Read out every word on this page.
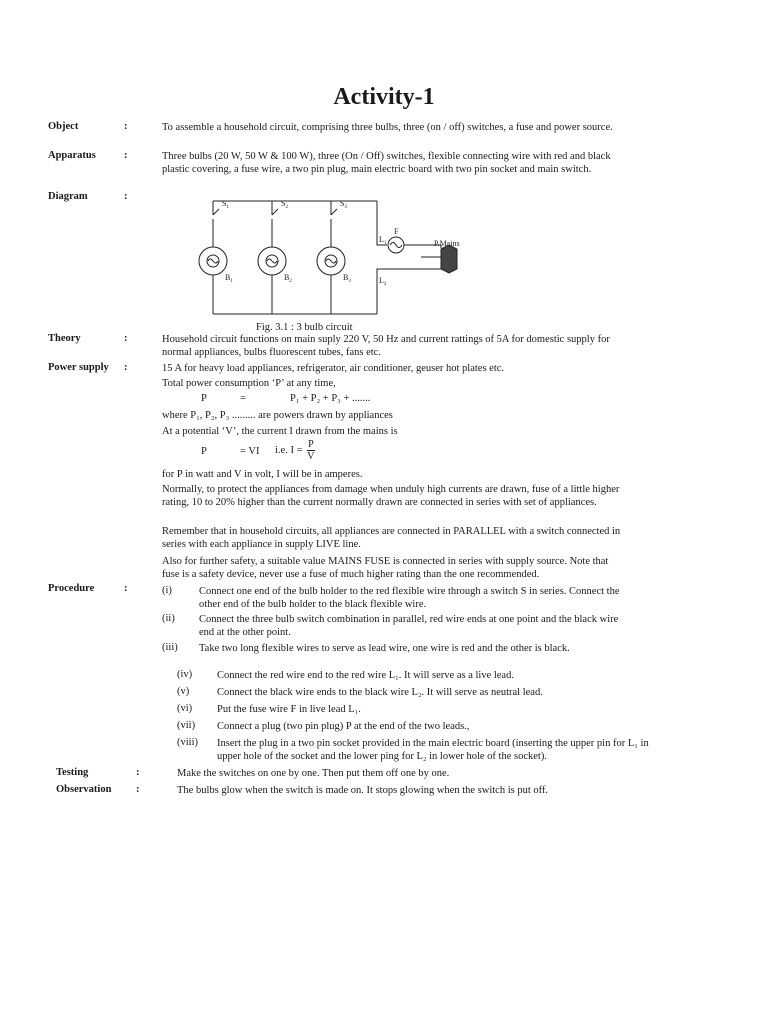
Activity-1
Object	:	To assemble a household circuit, comprising three bulbs, three (on / off) switches, a fuse and power source.
Apparatus	:	Three bulbs (20 W, 50 W & 100 W), three (On / Off) switches, flexible connecting wire with red and black plastic covering, a fuse wire, a two pin plug, main electric board with two pin socket and main switch.
Diagram	:
$S_1$	$S_2$	$S_3$
$B_1$	$B_2$	$B_3$
$L_1$
$L_2$
F
P.Mains
Fig. 3.1 : 3 bulb circuit
Theory	:	Household circuit functions on main suply 220 V, 50 Hz and current rattings of 5A for domestic supply for normal appliances, bulbs fluorescent tubes, fans etc.
Power supply :	15 A for heavy load appliances, refrigerator, air conditioner, geuser hot plates etc.
Total power consumption ‘P’ at any time,
P	=	P₁ + P₂ + P₃ + .......
where P₁, P₂, P₃ ......... are powers drawn by appliances
At a potential ‘V’, the current I drawn from the mains is
P	= VI i.e. $I = \frac{P}{V}$
for P in watt and V in volt, I will be in amperes.
Normally, to protect the appliances from damage when unduly high currents are drawn, fuse of a little higher rating, 10 to 20% higher than the current normally drawn are connected in series with set of appliances.
Remember that in household circuits, all appliances are connected in PARALLEL with a switch connected in series with each appliance in supply LIVE line.
Also for further safety, a suitable value MAINS FUSE is connected in series with supply source. Note that fuse is a safety device, never use a fuse of much higher rating than the one recommended.
Procedure	:	(i)	Connect one end of the bulb holder to the red flexible wire through a switch S in series. Connect the other end of the bulb holder to the black flexible wire.
(ii) Connect the three bulb switch combination in parallel, red wire ends at one point and the black wire end at the other point.
(iii) Take two long flexible wires to serve as lead wire, one wire is red and the other is black.
(iv) Connect the red wire end to the red wire L₁. It will serve as a live lead.
(v)	Connect the black wire ends to the black wire L₂. It will serve as neutral lead.
(vi) Put the fuse wire F in live lead L₁.
(vii) Connect a plug (two pin plug) P at the end of the two leads.,
(viii) Insert the plug in a two pin socket provided in the main electric board (inserting the upper pin for L₁ in upper hole of the socket and the lower ping for L₂ in lower hole of the socket).
Testing	:	Make the switches on one by one. Then put them off one by one.
Observation :	The bulbs glow when the switch is made on. It stops glowing when the switch is put off.
